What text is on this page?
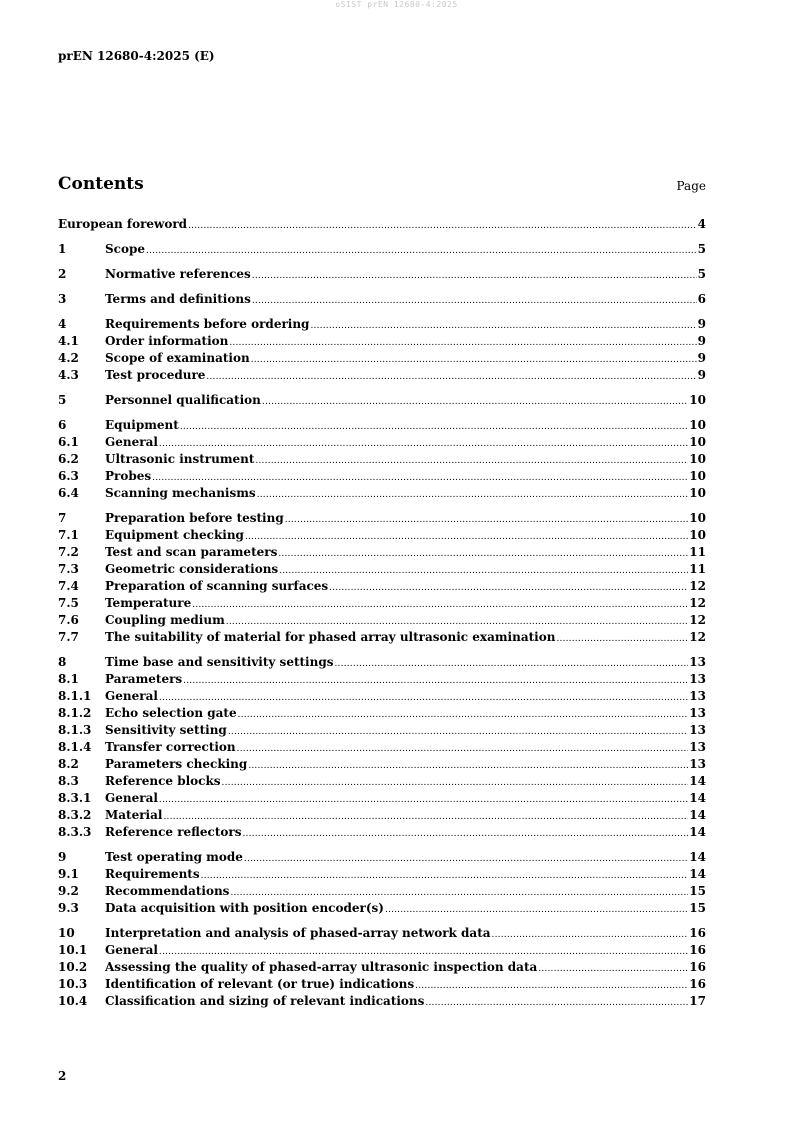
oSIST prEN 12680-4:2025
prEN 12680-4:2025 (E)
Contents	Page
European foreword .....	4
1	Scope .....	5
2	Normative references .....	5
3	Terms and definitions .....	6
4	Requirements before ordering .....	9
4.1	Order information .....	9
4.2	Scope of examination .....	9
4.3	Test procedure .....	9
5	Personnel qualification .....	10
6	Equipment .....	10
6.1	General .....	10
6.2	Ultrasonic instrument .....	10
6.3	Probes .....	10
6.4	Scanning mechanisms .....	10
7	Preparation before testing .....	10
7.1	Equipment checking .....	10
7.2	Test and scan parameters .....	11
7.3	Geometric considerations .....	11
7.4	Preparation of scanning surfaces .....	12
7.5	Temperature .....	12
7.6	Coupling medium .....	12
7.7	The suitability of material for phased array ultrasonic examination .....	12
8	Time base and sensitivity settings .....	13
8.1	Parameters .....	13
8.1.1	General .....	13
8.1.2	Echo selection gate .....	13
8.1.3	Sensitivity setting .....	13
8.1.4	Transfer correction .....	13
8.2	Parameters checking .....	13
8.3	Reference blocks .....	14
8.3.1	General .....	14
8.3.2	Material .....	14
8.3.3	Reference reflectors .....	14
9	Test operating mode .....	14
9.1	Requirements .....	14
9.2	Recommendations .....	15
9.3	Data acquisition with position encoder(s) .....	15
10	Interpretation and analysis of phased-array network data .....	16
10.1	General .....	16
10.2	Assessing the quality of phased-array ultrasonic inspection data .....	16
10.3	Identification of relevant (or true) indications .....	16
10.4	Classification and sizing of relevant indications .....	17
2
